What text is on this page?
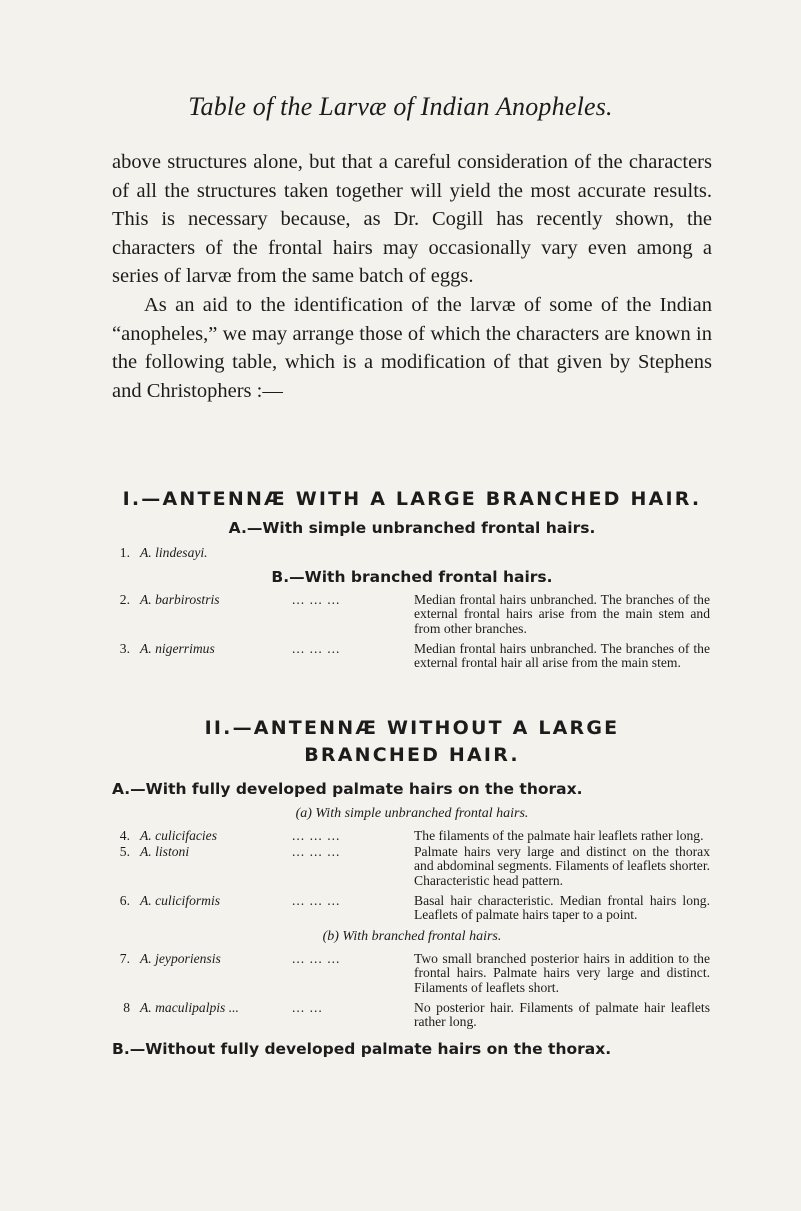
Table of the Larvæ of Indian Anopheles.

above structures alone, but that a careful consideration of the characters of all the structures taken together will yield the most accurate results. This is necessary because, as Dr. Cogill has recently shown, the characters of the frontal hairs may occasionally vary even among a series of larvæ from the same batch of eggs.

As an aid to the identification of the larvæ of some of the Indian “anopheles,” we may arrange those of which the characters are known in the following table, which is a modification of that given by Stephens and Christophers :—

I.—ANTENNÆ WITH A LARGE BRANCHED HAIR.
A.—With simple unbranched frontal hairs.
1. A. lindesayi.
B.—With branched frontal hairs.
2. A. barbirostris	... ... ...	Median frontal hairs unbranched. The branches of the external frontal hairs arise from the main stem and from other branches.
3. A. nigerrimus	... ... ...	Median frontal hairs unbranched. The branches of the external frontal hair all arise from the main stem.
II.—ANTENNÆ WITHOUT A LARGE
BRANCHED HAIR.
A.—With fully developed palmate hairs on the thorax.
(a) With simple unbranched frontal hairs.
4. A. culicifacies	... ... ...	The filaments of the palmate hair leaflets rather long.
5. A. listoni	... ... ...	Palmate hairs very large and distinct on the thorax and abdominal segments. Filaments of leaflets shorter. Characteristic head pattern.
6. A. culiciformis	... ... ...	Basal hair characteristic. Median frontal hairs long. Leaflets of palmate hairs taper to a point.
(b) With branched frontal hairs.
7. A. jeyporiensis	... ... ...	Two small branched posterior hairs in addition to the frontal hairs. Palmate hairs very large and distinct. Filaments of leaflets short.
8 A. maculipalpis ...	... ...	No posterior hair. Filaments of palmate hair leaflets rather long.
B.—Without fully developed palmate hairs on the thorax.
